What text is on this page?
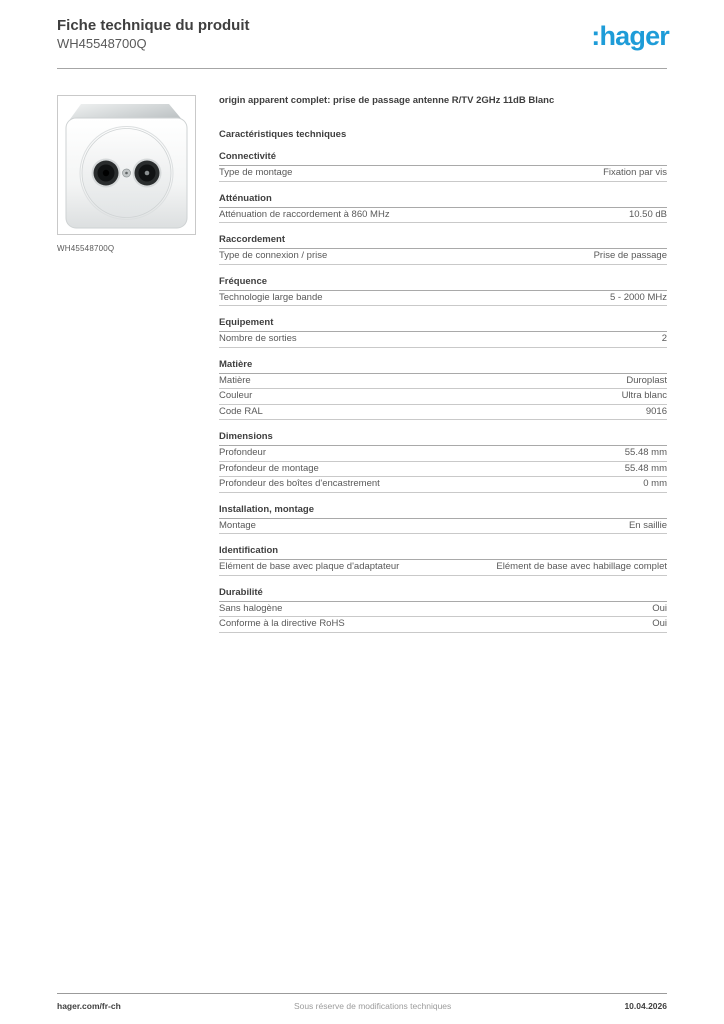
Fiche technique du produit
WH45548700Q	:hager
WH45548700Q
origin apparent complet: prise de passage antenne R/TV 2GHz 11dB Blanc
Caractéristiques techniques
Connectivité
Type de montage	Fixation par vis
Atténuation
Atténuation de raccordement à 860 MHz	10.50 dB
Raccordement
Type de connexion / prise	Prise de passage
Fréquence
Technologie large bande	5 - 2000 MHz
Equipement
Nombre de sorties	2
Matière
Matière	Duroplast
Couleur	Ultra blanc
Code RAL	9016
Dimensions
Profondeur	55.48 mm
Profondeur de montage	55.48 mm
Profondeur des boîtes d'encastrement	0 mm
Installation, montage
Montage	En saillie
Identification
Elément de base avec plaque d'adaptateur	Elément de base avec habillage complet
Durabilité
Sans halogène	Oui
Conforme à la directive RoHS	Oui
hager.com/fr-ch	Sous réserve de modifications techniques	10.04.2026
